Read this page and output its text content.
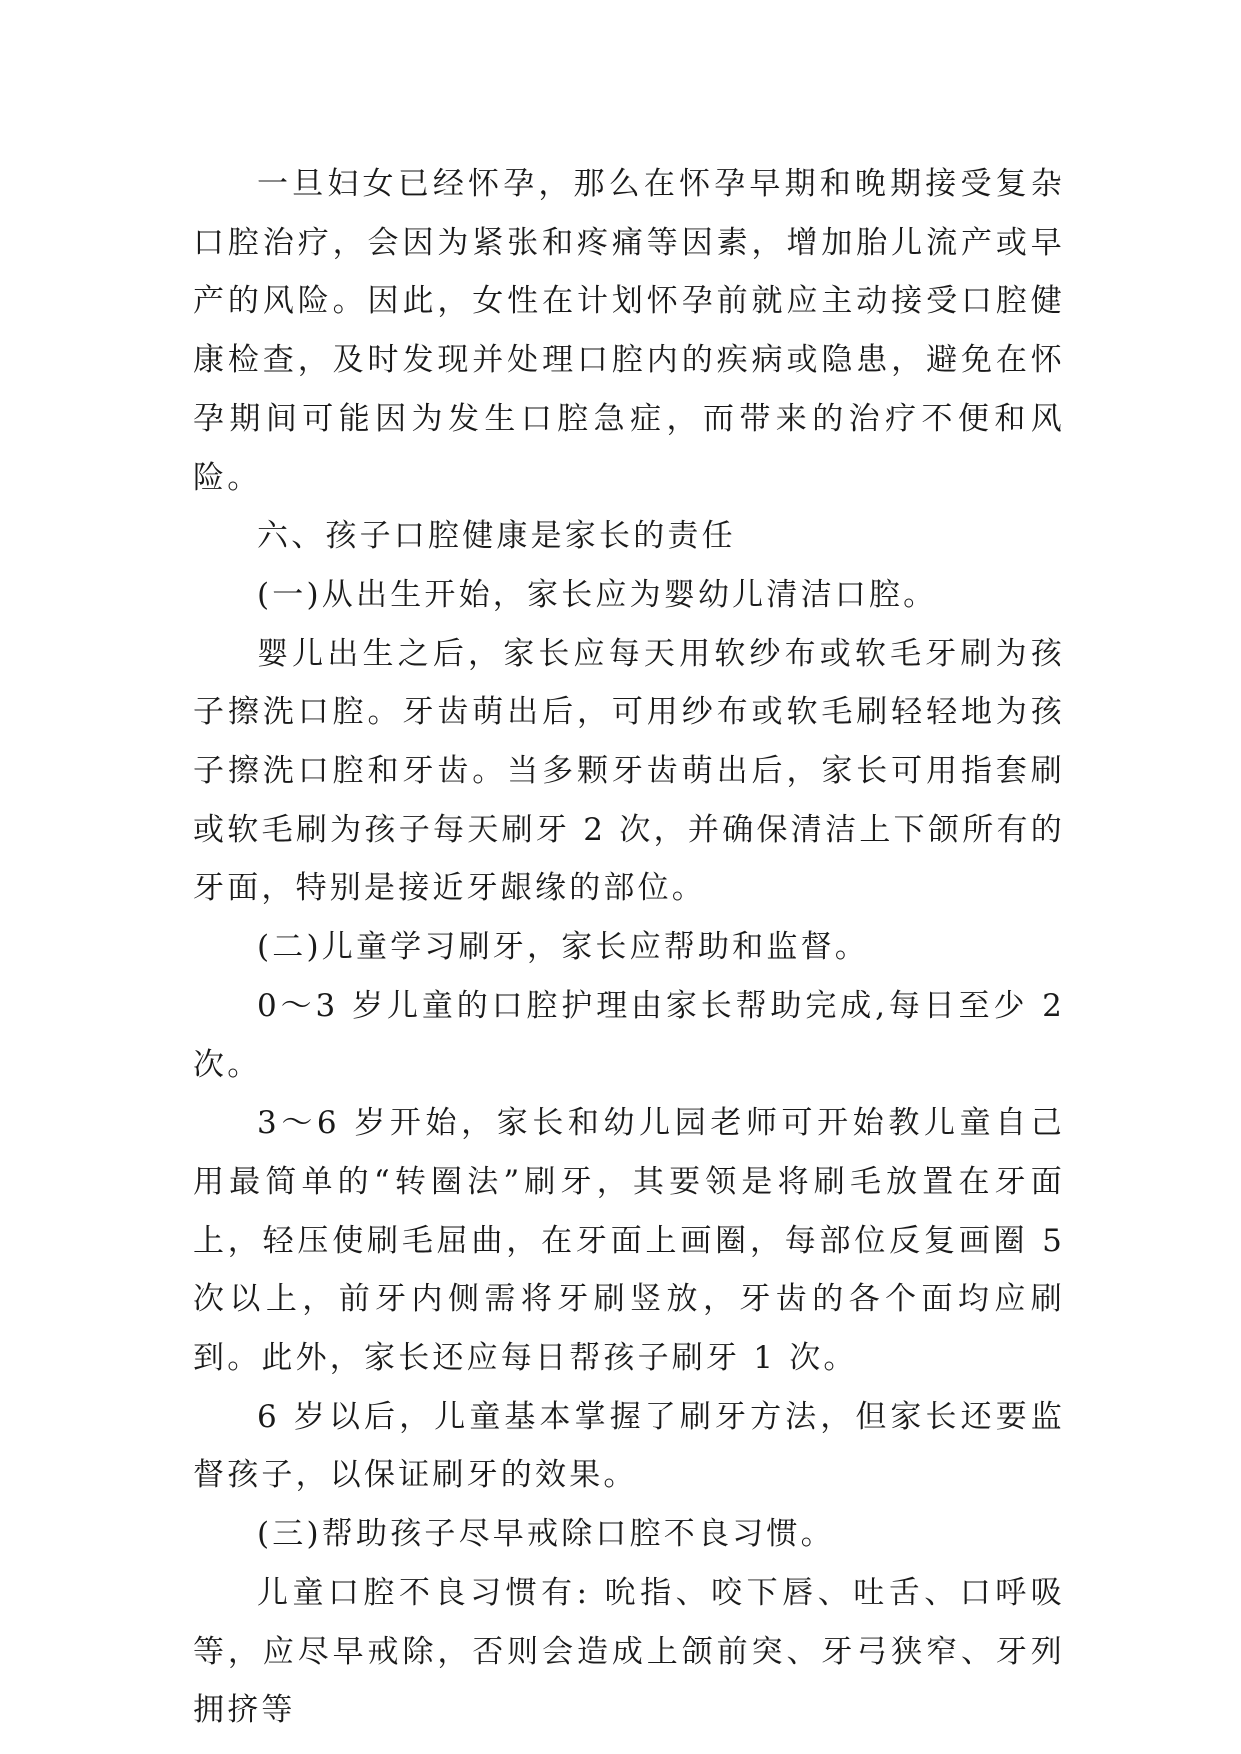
一旦妇女已经怀孕，那么在怀孕早期和晚期接受复杂口腔治疗，会因为紧张和疼痛等因素，增加胎儿流产或早产的风险。因此，女性在计划怀孕前就应主动接受口腔健康检查，及时发现并处理口腔内的疾病或隐患，避免在怀孕期间可能因为发生口腔急症，而带来的治疗不便和风险。

六、孩子口腔健康是家长的责任

(一)从出生开始，家长应为婴幼儿清洁口腔。

婴儿出生之后，家长应每天用软纱布或软毛牙刷为孩子擦洗口腔。牙齿萌出后，可用纱布或软毛刷轻轻地为孩子擦洗口腔和牙齿。当多颗牙齿萌出后，家长可用指套刷或软毛刷为孩子每天刷牙 2 次，并确保清洁上下颌所有的牙面，特别是接近牙龈缘的部位。

(二)儿童学习刷牙，家长应帮助和监督。

0～3 岁儿童的口腔护理由家长帮助完成,每日至少 2 次。

3～6 岁开始，家长和幼儿园老师可开始教儿童自己用最简单的“转圈法”刷牙，其要领是将刷毛放置在牙面上，轻压使刷毛屈曲，在牙面上画圈，每部位反复画圈 5 次以上，前牙内侧需将牙刷竖放，牙齿的各个面均应刷到。此外，家长还应每日帮孩子刷牙 1 次。

6 岁以后，儿童基本掌握了刷牙方法，但家长还要监督孩子，以保证刷牙的效果。

(三)帮助孩子尽早戒除口腔不良习惯。

儿童口腔不良习惯有: 吮指、咬下唇、吐舌、口呼吸等，应尽早戒除，否则会造成上颌前突、牙弓狭窄、牙列拥挤等
